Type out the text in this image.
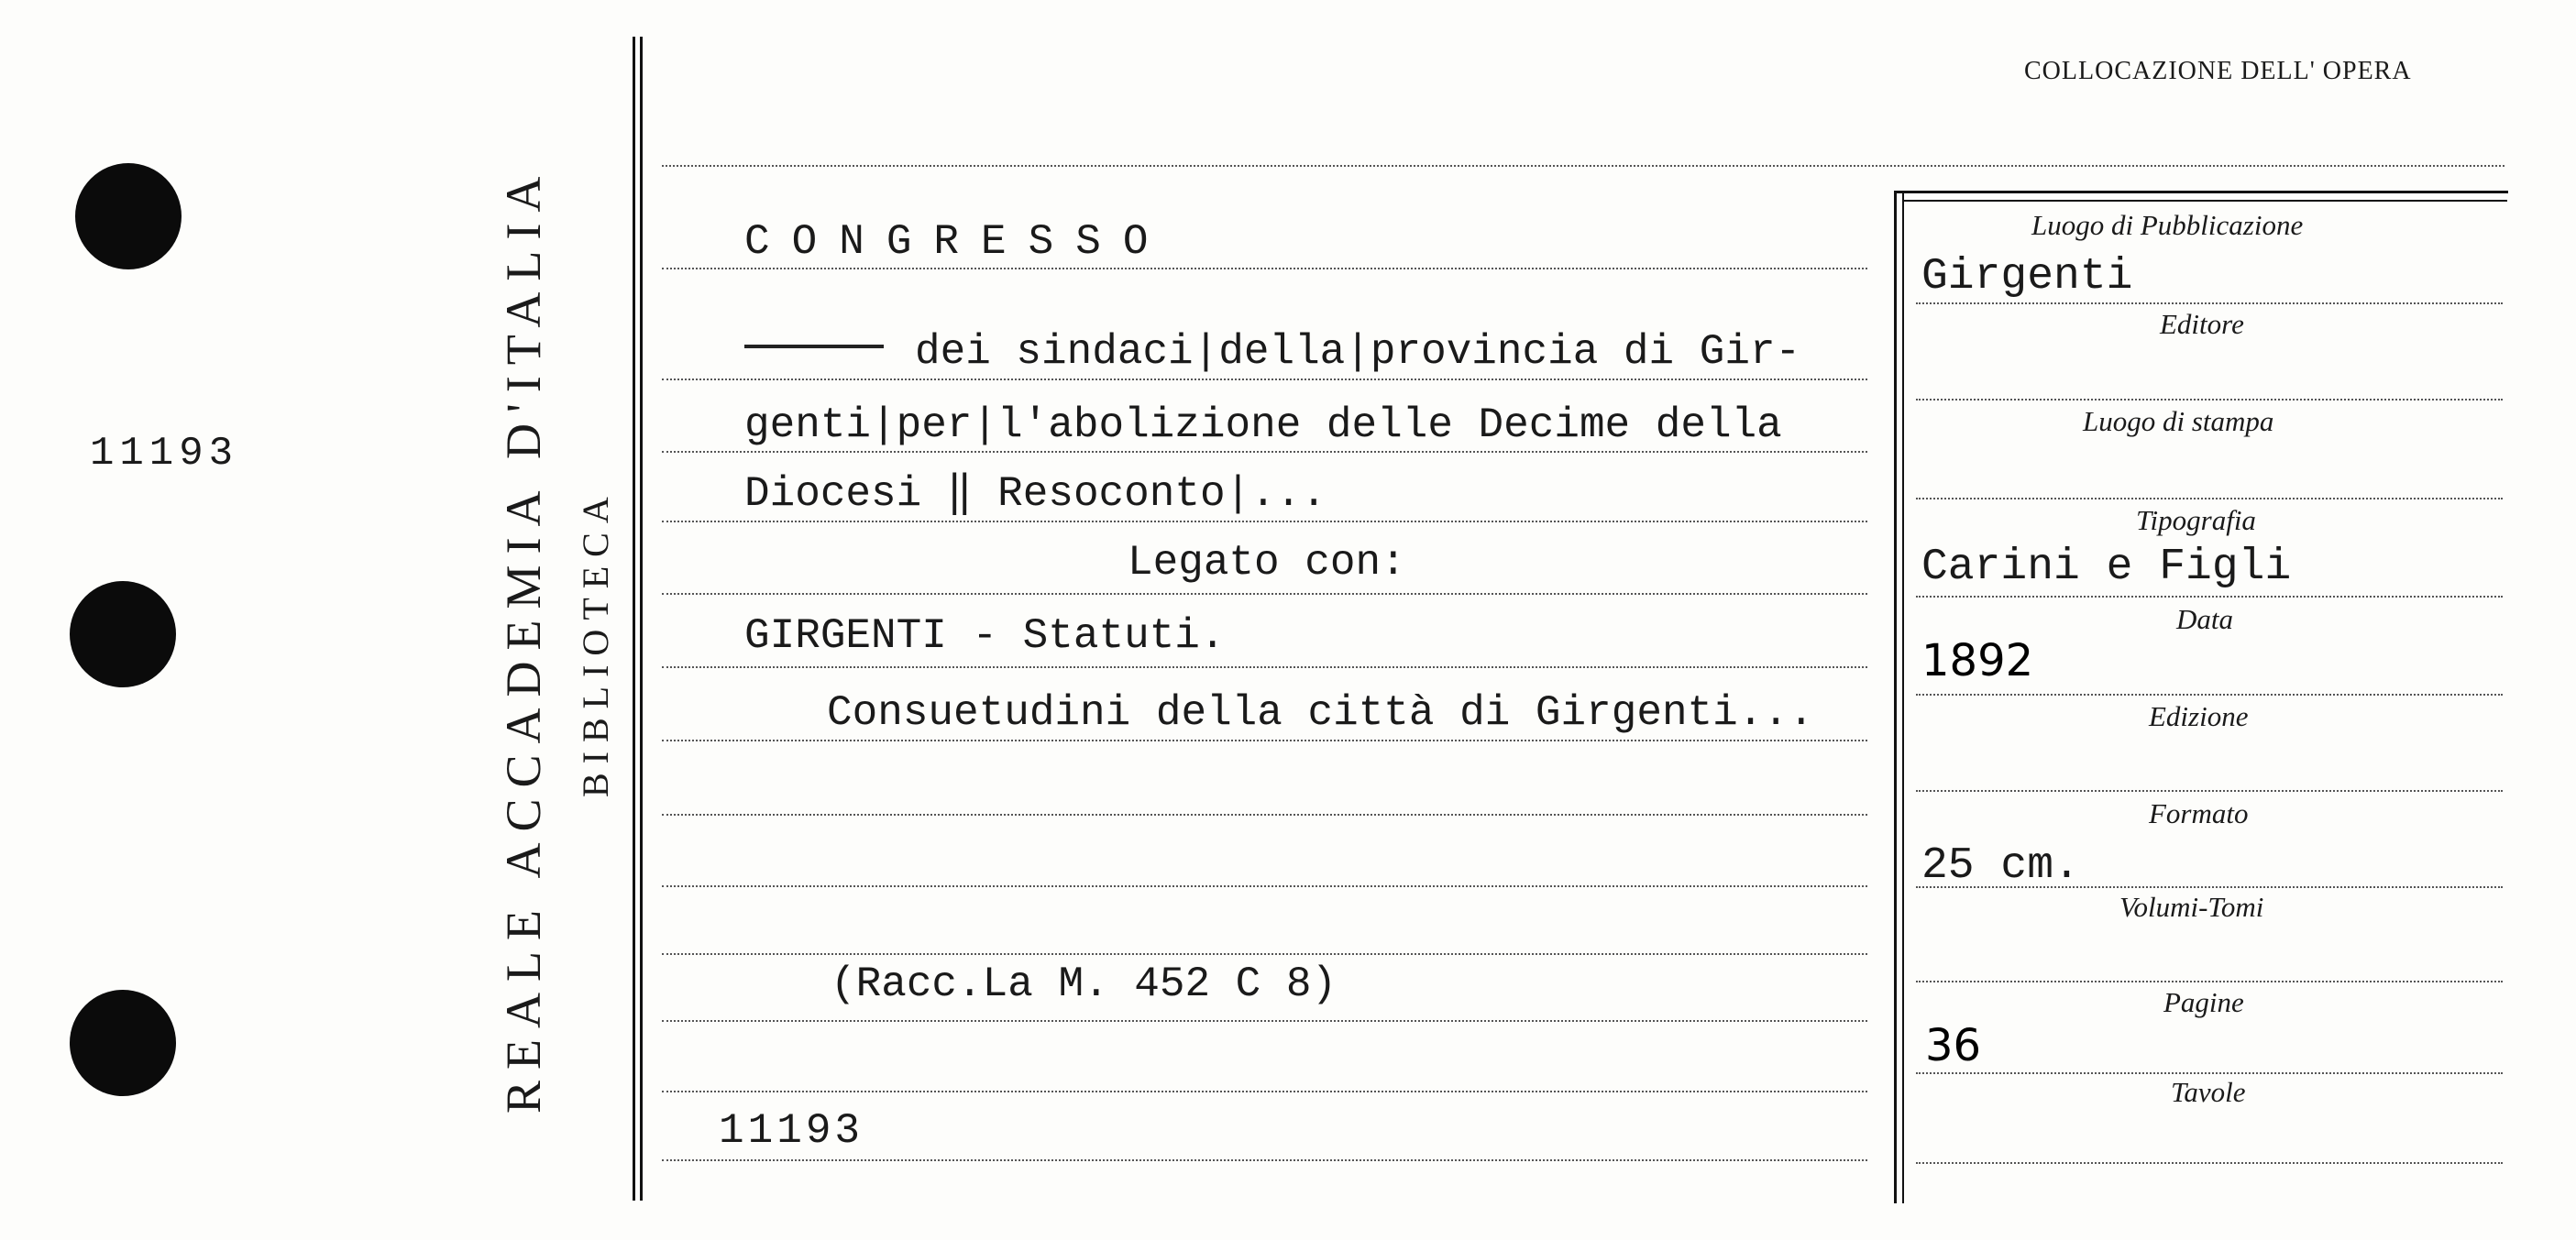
11193	REALE ACCADEMIA D'ITALIA BIBLIOTECA
COLLOCAZIONE DELL' OPERA
CONGRESSO
dei sindaci|della|provincia di Gir-
genti|per|l'abolizione delle Decime della
Diocesi ‖ Resoconto|...
Legato con:
GIRGENTI - Statuti.
Consuetudini della città di Girgenti...
(Racc.La M. 452 C 8)
11193
Luogo di Pubblicazione
Girgenti
Editore
Luogo di stampa
Tipografia
Carini e Figli
Data
1892
Edizione
Formato
25 cm.
Volumi-Tomi
Pagine
36
Tavole
